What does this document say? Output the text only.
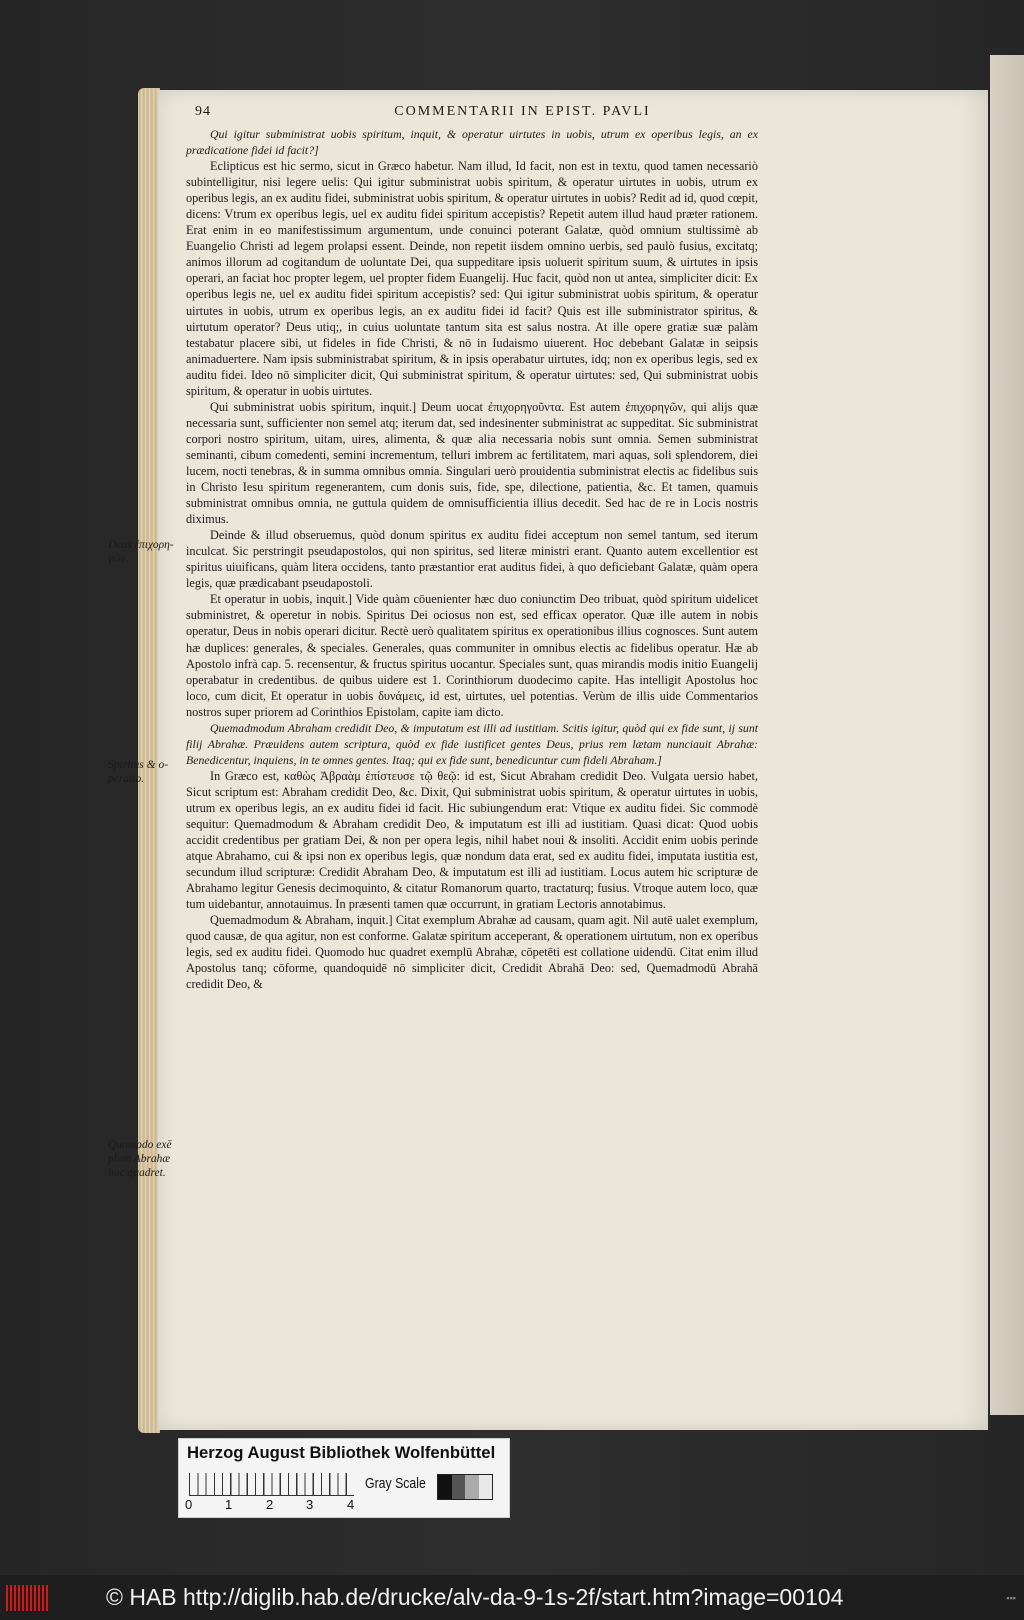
94	COMMENTARII IN EPIST. PAVLI
Deus ἐπιχορη-γῶν.
Spiritus & o-peratio.
Quomodo exē plum Abrahæ huc quadret.

Qui igitur subministrat uobis spiritum, inquit, & operatur uirtutes in uobis, utrum ex operibus legis, an ex prædicatione fidei id facit?]

Eclipticus est hic sermo, sicut in Græco habetur. Nam illud, Id facit, non est in textu, quod tamen necessariò subintelligitur, nisi legere uelis: Qui igitur subministrat uobis spiritum, & operatur uirtutes in uobis, utrum ex operibus legis, an ex auditu fidei, subministrat uobis spiritum, & operatur uirtutes in uobis? Redit ad id, quod cœpit, dicens: Vtrum ex operibus legis, uel ex auditu fidei spiritum accepistis? Repetit autem illud haud præter rationem. Erat enim in eo manifestissimum argumentum, unde conuinci poterant Galatæ, quòd omnium stultissimè ab Euangelio Christi ad legem prolapsi essent. Deinde, non repetit iisdem omnino uerbis, sed paulò fusius, excitatq; animos illorum ad cogitandum de uoluntate Dei, qua suppeditare ipsis uoluerit spiritum suum, & uirtutes in ipsis operari, an faciat hoc propter legem, uel propter fidem Euangelij. Huc facit, quòd non ut antea, simpliciter dicit: Ex operibus legis ne, uel ex auditu fidei spiritum accepistis? sed: Qui igitur subministrat uobis spiritum, & operatur uirtutes in uobis, utrum ex operibus legis, an ex auditu fidei id facit? Quis est ille subministrator spiritus, & uirtutum operator? Deus utiq;, in cuius uoluntate tantum sita est salus nostra. At ille opere gratiæ suæ palàm testabatur placere sibi, ut fideles in fide Christi, & nō in Iudaismo uiuerent. Hoc debebant Galatæ in seipsis animaduertere. Nam ipsis subministrabat spiritum, & in ipsis operabatur uirtutes, idq; non ex operibus legis, sed ex auditu fidei. Ideo nō simpliciter dicit, Qui subministrat spiritum, & operatur uirtutes: sed, Qui subministrat uobis spiritum, & operatur in uobis uirtutes.

Qui subministrat uobis spiritum, inquit.] Deum uocat ἐπιχορηγοῦντα. Est autem ἐπιχορηγῶν, qui alijs quæ necessaria sunt, sufficienter non semel atq; iterum dat, sed indesinenter subministrat ac suppeditat. Sic subministrat corpori nostro spiritum, uitam, uires, alimenta, & quæ alia necessaria nobis sunt omnia. Semen subministrat seminanti, cibum comedenti, semini incrementum, telluri imbrem ac fertilitatem, mari aquas, soli splendorem, diei lucem, nocti tenebras, & in summa omnibus omnia. Singulari uerò prouidentia subministrat electis ac fidelibus suis in Christo Iesu spiritum regenerantem, cum donis suis, fide, spe, dilectione, patientia, &c. Et tamen, quamuis subministrat omnibus omnia, ne guttula quidem de omnisufficientia illius decedit. Sed hac de re in Locis nostris diximus.

Deinde & illud obseruemus, quòd donum spiritus ex auditu fidei acceptum non semel tantum, sed iterum inculcat. Sic perstringit pseudapostolos, qui non spiritus, sed literæ ministri erant. Quanto autem excellentior est spiritus uiuificans, quàm litera occidens, tanto præstantior erat auditus fidei, à quo deficiebant Galatæ, quàm opera legis, quæ prædicabant pseudapostoli.

Et operatur in uobis, inquit.] Vide quàm cōuenienter hæc duo coniunctim Deo tribuat, quòd spiritum uidelicet subministret, & operetur in nobis. Spiritus Dei ociosus non est, sed efficax operator. Quæ ille autem in nobis operatur, Deus in nobis operari dicitur. Rectè uerò qualitatem spiritus ex operationibus illius cognosces. Sunt autem hæ duplices: generales, & speciales. Generales, quas communiter in omnibus electis ac fidelibus operatur. Hæ ab Apostolo infrà cap. 5. recensentur, & fructus spiritus uocantur. Speciales sunt, quas mirandis modis initio Euangelij operabatur in credentibus. de quibus uidere est 1. Corinthiorum duodecimo capite. Has intelligit Apostolus hoc loco, cum dicit, Et operatur in uobis δυνάμεις, id est, uirtutes, uel potentias. Verùm de illis uide Commentarios nostros super priorem ad Corinthios Epistolam, capite iam dicto.

Quemadmodum Abraham credidit Deo, & imputatum est illi ad iustitiam. Scitis igitur, quòd qui ex fide sunt, ij sunt filij Abrahæ. Præuidens autem scriptura, quòd ex fide iustificet gentes Deus, prius rem lætam nunciauit Abrahæ: Benedicentur, inquiens, in te omnes gentes. Itaq; qui ex fide sunt, benedicuntur cum fideli Abraham.]

In Græco est, καθὼς Ἀβραὰμ ἐπίστευσε τῷ θεῷ: id est, Sicut Abraham credidit Deo. Vulgata uersio habet, Sicut scriptum est: Abraham credidit Deo, &c. Dixit, Qui subministrat uobis spiritum, & operatur uirtutes in uobis, utrum ex operibus legis, an ex auditu fidei id facit. Hic subiungendum erat: Vtique ex auditu fidei. Sic commodè sequitur: Quemadmodum & Abraham credidit Deo, & imputatum est illi ad iustitiam. Quasi dicat: Quod uobis accidit credentibus per gratiam Dei, & non per opera legis, nihil habet noui & insoliti. Accidit enim uobis perinde atque Abrahamo, cui & ipsi non ex operibus legis, quæ nondum data erat, sed ex auditu fidei, imputata iustitia est, secundum illud scripturæ: Credidit Abraham Deo, & imputatum est illi ad iustitiam. Locus autem hic scripturæ de Abrahamo legitur Genesis decimoquinto, & citatur Romanorum quarto, tractaturq; fusius. Vtroque autem loco, quæ tum uidebantur, annotauimus. In præsenti tamen quæ occurrunt, in gratiam Lectoris annotabimus.

Quemadmodum & Abraham, inquit.] Citat exemplum Abrahæ ad causam, quam agit. Nil autē ualet exemplum, quod causæ, de qua agitur, non est conforme. Galatæ spiritum acceperant, & operationem uirtutum, non ex operibus legis, sed ex auditu fidei. Quomodo huc quadret exemplū Abrahæ, cōpetēti est collatione uidendū. Citat enim illud Apostolus tanq; cōforme, quandoquidē nō simpliciter dicit, Credidit Abrahā Deo: sed, Quemadmodū Abrahā credidit Deo, &

Herzog August Bibliothek Wolfenbüttel
0	1	2	3	4
Gray Scale
© HAB http://diglib.hab.de/drucke/alv-da-9-1s-2f/start.htm?image=00104	▪▪▪
